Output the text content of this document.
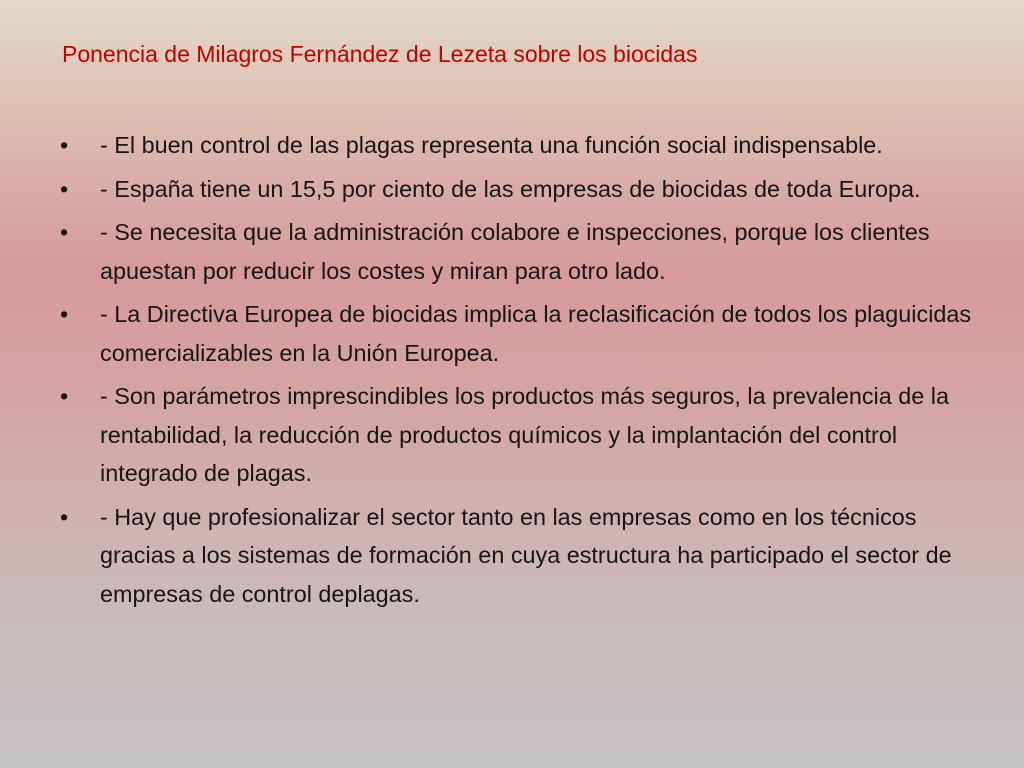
Ponencia de Milagros Fernández de Lezeta sobre los biocidas
•	- El buen control de las plagas representa una función social indispensable.
•	- España tiene un 15,5 por ciento de las empresas de biocidas de toda Europa.
•	- Se necesita que la administración colabore e inspecciones, porque los clientes apuestan por reducir los costes y miran para otro lado.
•	- La Directiva Europea de biocidas implica la reclasificación de todos los plaguicidas comercializables en la Unión Europea.
•	- Son parámetros imprescindibles los productos más seguros, la prevalencia de la rentabilidad, la reducción de productos químicos y la implantación del control integrado de plagas.
•	- Hay que profesionalizar el sector tanto en las empresas como en los técnicos gracias a los sistemas de formación en cuya estructura ha participado el sector de empresas de control deplagas.
